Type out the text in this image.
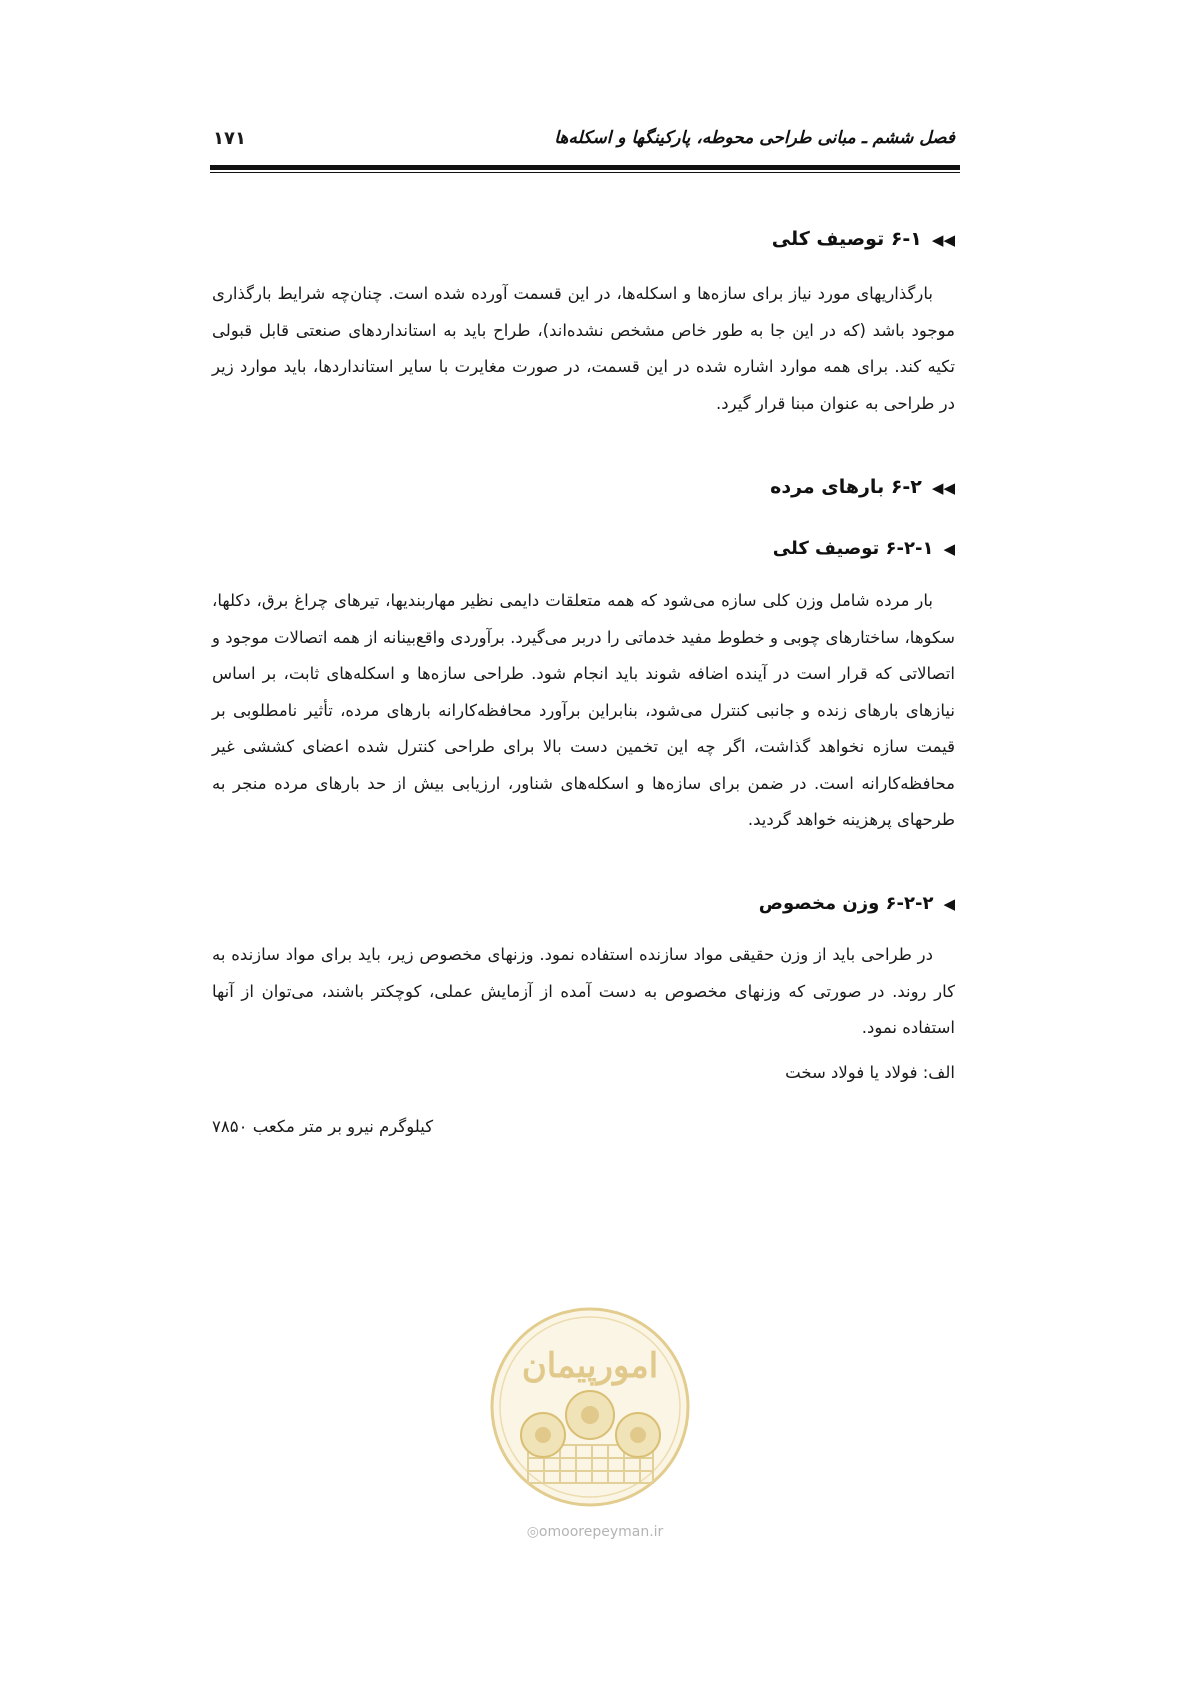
فصل ششم ـ مبانی طراحی محوطه، پارکینگها و اسکله‌ها
۱۷۱
◀◀۶-۱ توصیف کلی
بارگذاریهای مورد نیاز برای سازه‌ها و اسکله‌ها، در این قسمت آورده شده است. چنان‌چه شرایط بارگذاری موجود باشد (که در این جا به طور خاص مشخص نشده‌اند)، طراح باید به استانداردهای صنعتی قابل قبولی تکیه کند. برای همه موارد اشاره شده در این قسمت، در صورت مغایرت با سایر استانداردها، باید موارد زیر در طراحی به عنوان مبنا قرار گیرد.
◀◀۶-۲ بارهای مرده
◀۶-۲-۱ توصیف کلی
بار مرده شامل وزن کلی سازه می‌شود که همه متعلقات دایمی نظیر مهاربندیها، تیرهای چراغ برق، دکلها، سکوها، ساختارهای چوبی و خطوط مفید خدماتی را دربر می‌گیرد. برآوردی واقع‌بینانه از همه اتصالات موجود و اتصالاتی که قرار است در آینده اضافه شوند باید انجام شود. طراحی سازه‌ها و اسکله‌های ثابت، بر اساس نیازهای بارهای زنده و جانبی کنترل می‌شود، بنابراین برآورد محافظه‌کارانه بارهای مرده، تأثیر نامطلوبی بر قیمت سازه نخواهد گذاشت، اگر چه این تخمین دست بالا برای طراحی کنترل شده اعضای کششی غیر محافظه‌کارانه است. در ضمن برای سازه‌ها و اسکله‌های شناور، ارزیابی بیش از حد بارهای مرده منجر به طرحهای پرهزینه خواهد گردید.
◀۶-۲-۲ وزن مخصوص
در طراحی باید از وزن حقیقی مواد سازنده استفاده نمود. وزنهای مخصوص زیر، باید برای مواد سازنده به کار روند. در صورتی که وزنهای مخصوص به دست آمده از آزمایش عملی، کوچکتر باشند، می‌توان از آنها استفاده نمود.
الف: فولاد یا فولاد سخت
کیلوگرم نیرو بر متر مکعب ۷۸۵۰
امورپیمان
◎omoorepeyman.ir
